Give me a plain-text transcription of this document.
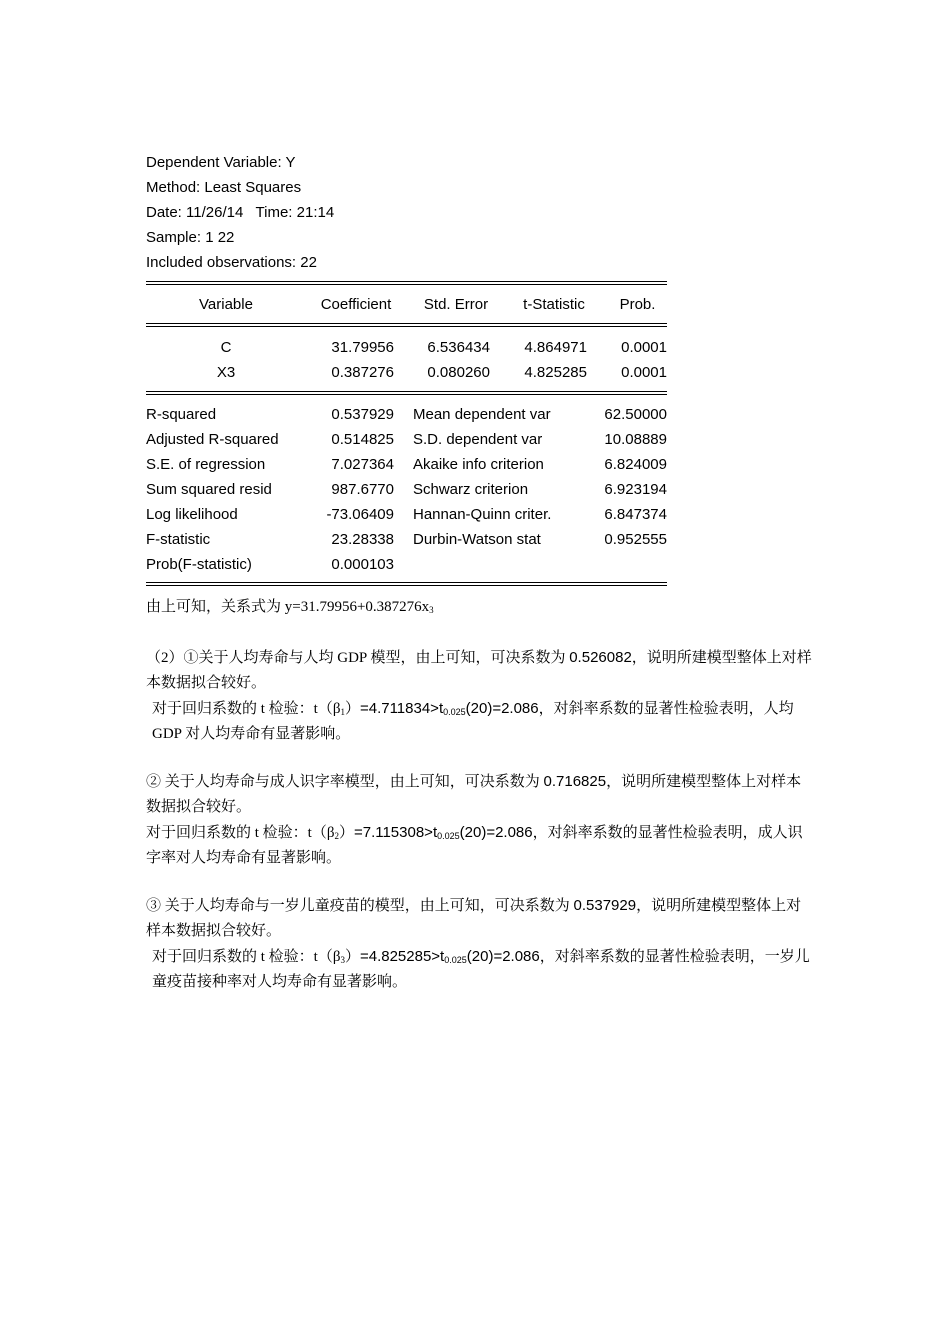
Dependent Variable: Y
Method: Least Squares
Date: 11/26/14   Time: 21:14
Sample: 1 22
Included observations: 22
Variable	Coefficient	Std. Error	t-Statistic	Prob.
C	31.79956	6.536434	4.864971	0.0001
X3	0.387276	0.080260	4.825285	0.0001
R-squared	0.537929 Mean dependent var	62.50000
Adjusted R-squared	0.514825 S.D. dependent var	10.08889
S.E. of regression	7.027364 Akaike info criterion	6.824009
Sum squared resid	987.6770 Schwarz criterion	6.923194
Log likelihood	-73.06409 Hannan-Quinn criter.	6.847374
F-statistic	23.28338 Durbin-Watson stat	0.952555
Prob(F-statistic)	0.000103

由上可知，关系式为 $y=31.79956+0.387276x_3$

（2）①关于人均寿命与人均 GDP 模型，由上可知，可决系数为 0.526082，说明所建模型整体上对样本数据拟合较好。

对于回归系数的 t 检验：$t(\beta_1)=4.711834>t_{0.025}(20)=2.086$，对斜率系数的显著性检验表明，人均 GDP 对人均寿命有显著影响。

② 关于人均寿命与成人识字率模型，由上可知，可决系数为 0.716825，说明所建模型整体上对样本数据拟合较好。

对于回归系数的 t 检验：$t(\beta_2)=7.115308>t_{0.025}(20)=2.086$，对斜率系数的显著性检验表明，成人识字率对人均寿命有显著影响。

③ 关于人均寿命与一岁儿童疫苗的模型，由上可知，可决系数为 0.537929，说明所建模型整体上对样本数据拟合较好。

对于回归系数的 t 检验：$t(\beta_3)=4.825285>t_{0.025}(20)=2.086$，对斜率系数的显著性检验表明，一岁儿童疫苗接种率对人均寿命有显著影响。
